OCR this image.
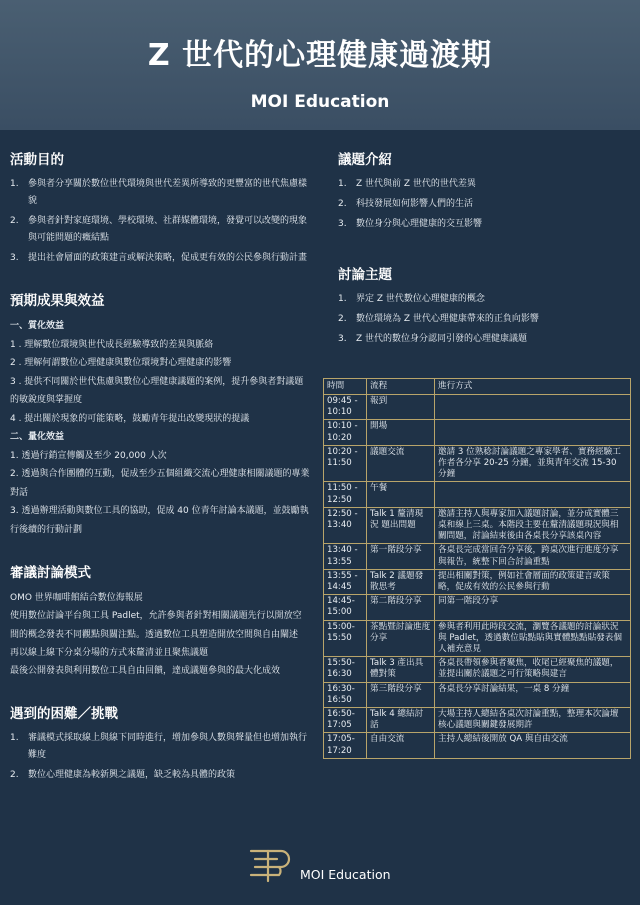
Z 世代的心理健康過渡期
MOI Education
活動目的
1.	參與者分享關於數位世代環境與世代差異所導致的更豐富的世代焦慮樣貌
2.	參與者針對家庭環境、學校環境、社群媒體環境，發覺可以改變的現象與可能問題的癥結點
3.	提出社會層面的政策建言或解決策略，促成更有效的公民參與行動計畫
預期成果與效益

一、質化效益

1 . 理解數位環境與世代成長經驗導致的差異與脈絡

2 . 理解何謂數位心理健康與數位環境對心理健康的影響

3 . 提供不同關於世代焦慮與數位心理健康議題的案例，提升參與者對議題的敏銳度與掌握度

4 . 提出關於現象的可能策略，鼓勵青年提出改變現狀的提議

二、量化效益

1. 透過行銷宣傳觸及至少 20,000 人次

2. 透過與合作團體的互動，促成至少五個組織交流心理健康相關議題的專業對話

3. 透過辦理活動與數位工具的協助，促成 40 位青年討論本議題，並鼓勵執行後續的行動計劃

審議討論模式

OMO 世界咖啡館結合數位海報展

使用數位討論平台與工具 Padlet，允許參與者針對相關議題先行以開放空間的概念發表不同觀點與關注點。透過數位工具塑造開放空間與自由闡述

再以線上線下分桌分場的方式來釐清並且聚焦議題

最後公開發表與利用數位工具自由回饋，達成議題參與的最大化成效

遇到的困難／挑戰
1.	審議模式採取線上與線下同時進行，增加參與人數與聲量但也增加執行難度
2.	數位心理健康為較新興之議題，缺乏較為具體的政策
議題介紹
1.	Z 世代與前 Z 世代的世代差異
2.	科技發展如何影響人們的生活
3.	數位身分與心理健康的交互影響
討論主題
1.	界定 Z 世代數位心理健康的概念
2.	數位環境為 Z 世代心理健康帶來的正負向影響
3.	Z 世代的數位身分認同引發的心理健康議題
時間	流程	進行方式
09:45 - 10:10	報到	
10:10 - 10:20	開場	
10:20 - 11:50	議題交流	邀請 3 位熟稔討論議題之專家學者、實務經驗工作者各分享 20-25 分鐘，並與青年交流 15-30 分鐘
11:50 - 12:50	午餐	
12:50 - 13:40	Talk 1 釐清現況 題出問題	邀請主持人與專家加入議題討論，並分成實體三桌和線上三桌。本階段主要在釐清議題現況與相關問題，討論結束後由各桌長分享該桌內容
13:40 - 13:55	第一階段分享	各桌長完成當回合分享後，跨桌次進行進度分享與報告，統整下回合討論重點
13:55 - 14:45	Talk 2 議題發散思考	提出相關對策，例如社會層面的政策建言或策略，促成有效的公民參與行動
14:45- 15:00	第二階段分享	同第一階段分享
15:00- 15:50	茶點暨討論進度分享	參與者利用此時段交流，瀏覽各議題的討論狀況與 Padlet，透過數位貼點貼與實體點點貼發表個人補充意見
15:50- 16:30	Talk 3 產出具體對策	各桌長帶領參與者聚焦，收尾已經聚焦的議題，並提出關於議題之可行策略與建言
16:30- 16:50	第三階段分享	各桌長分享討論結果，一桌 8 分鐘
16:50- 17:05	Talk 4 總結討話	大場主持人總結各桌次討論重點，整理本次論壇核心議題與關鍵發展期許
17:05- 17:20	自由交流	主持人總結後開放 QA 與自由交流
MOI Education
